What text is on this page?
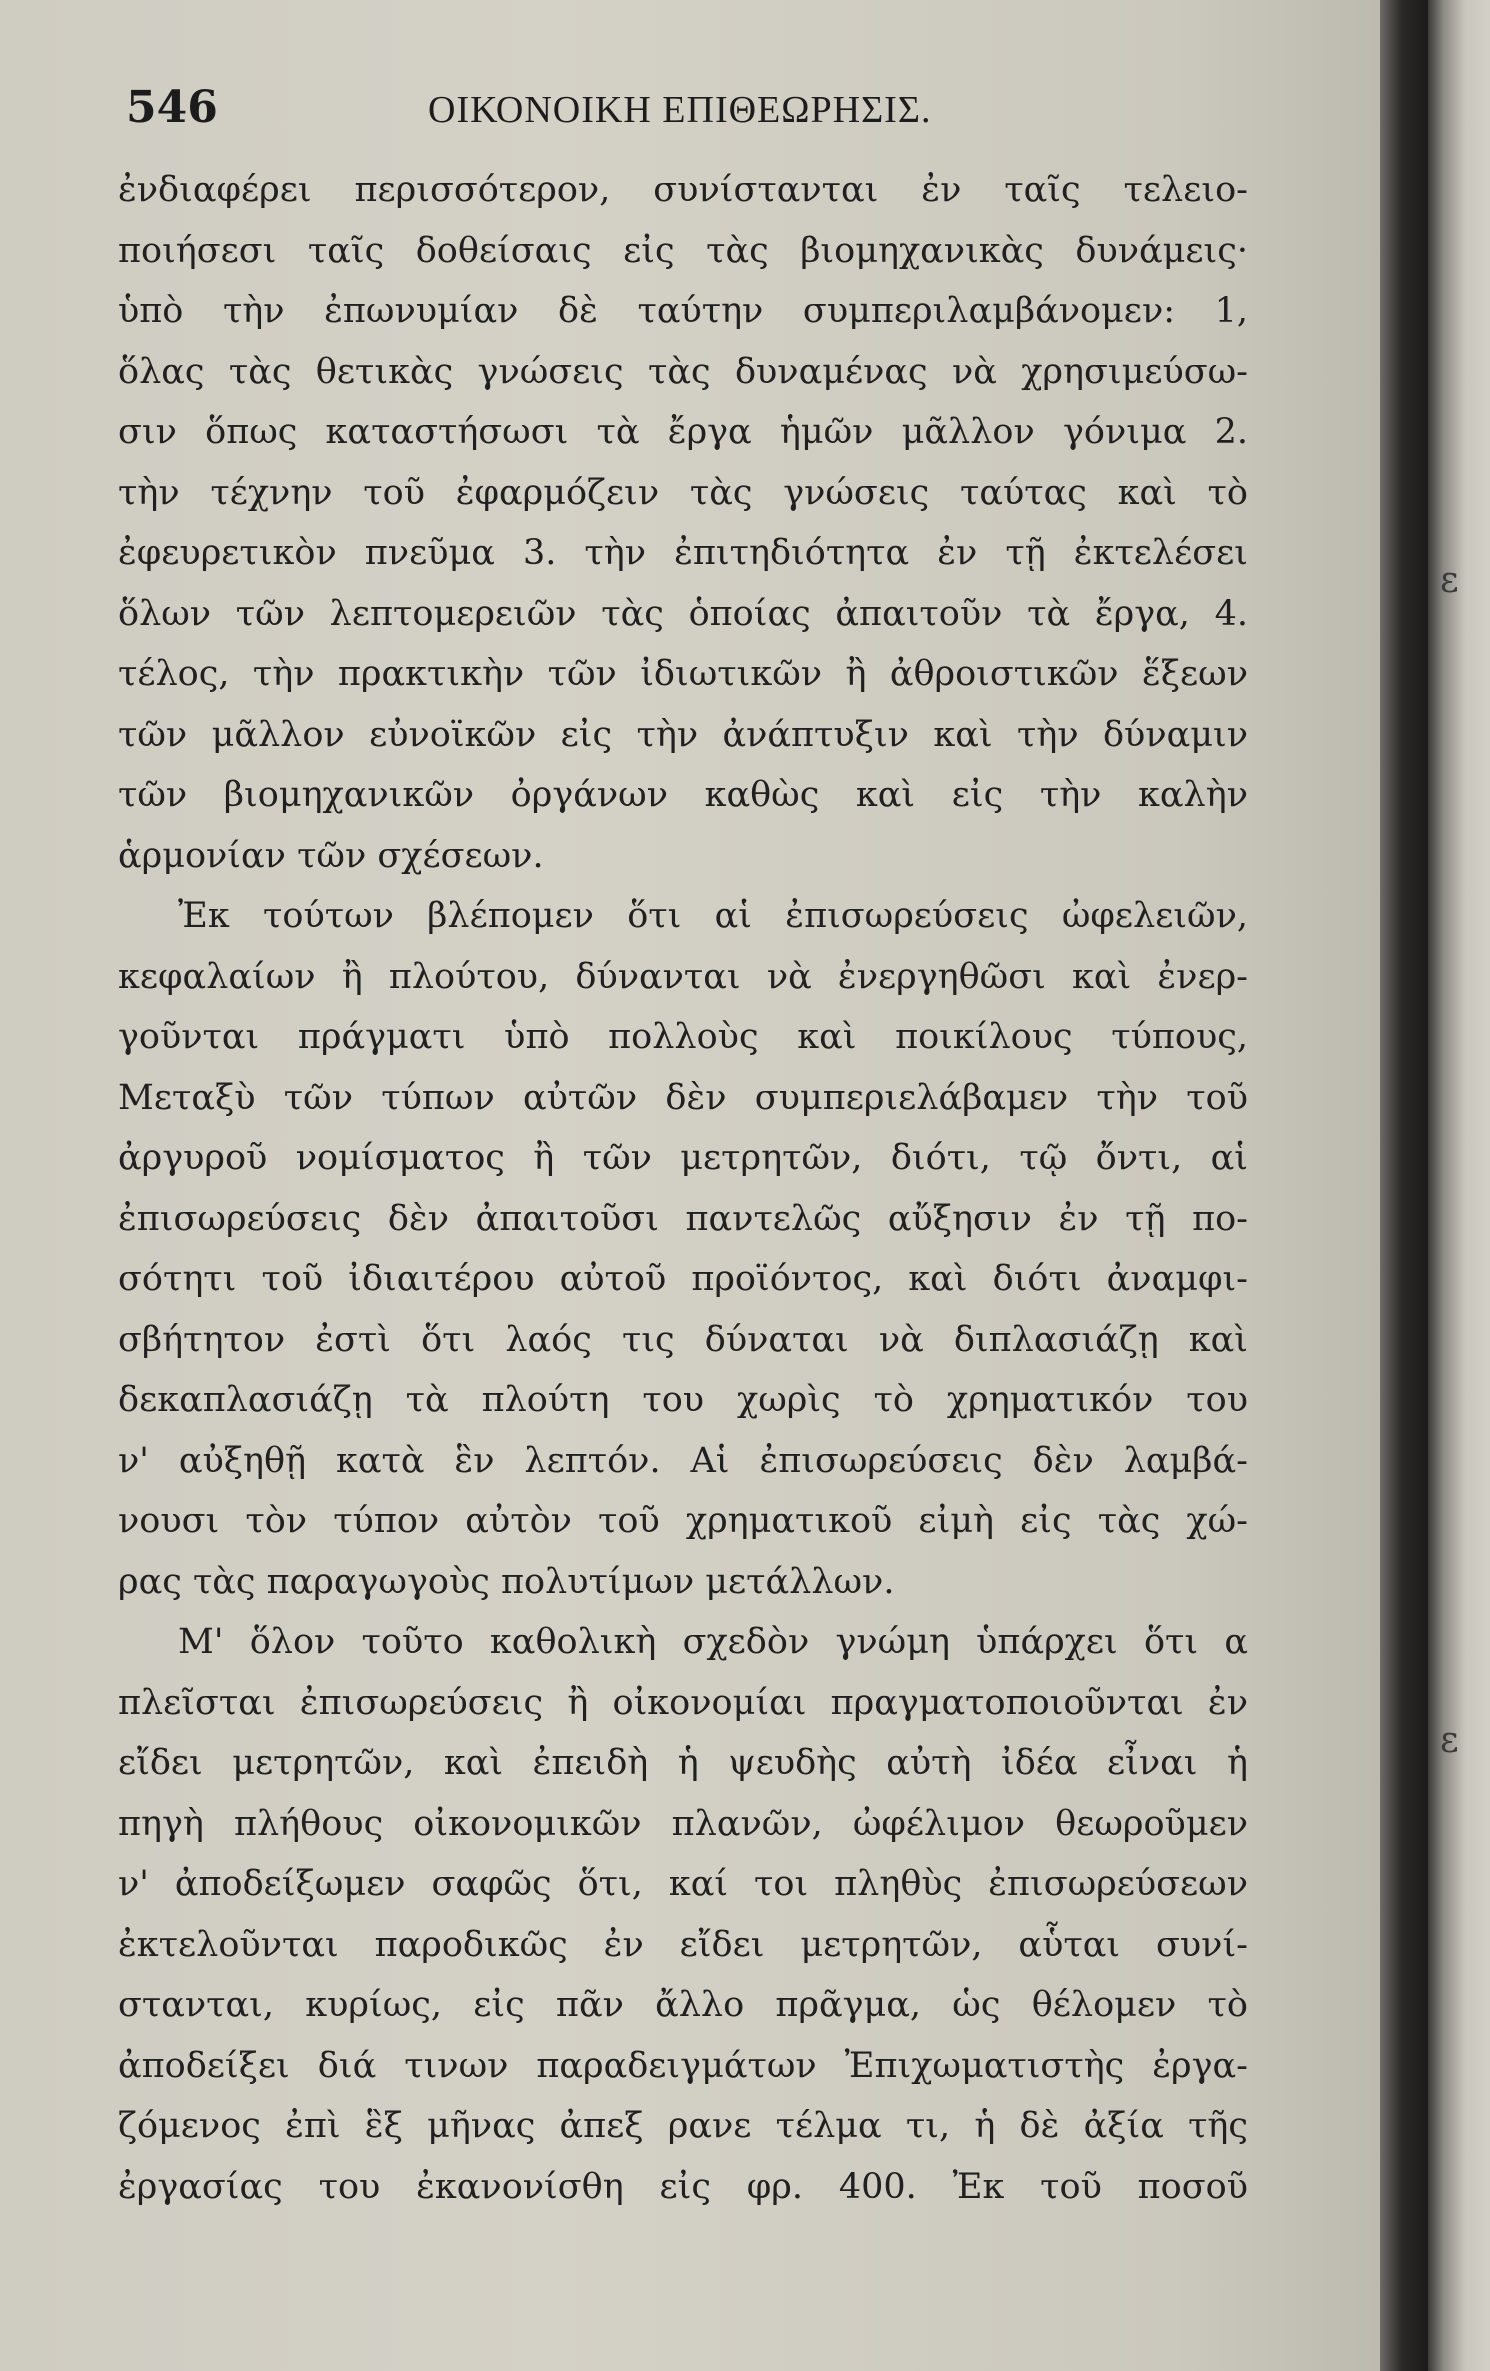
546	ΟΙΚΟΝΟΙΚΗ ΕΠΙΘΕΩΡΗΣΙΣ.
ἐνδιαφέρει περισσότερον, συνίστανται ἐν ταῖς τελειο-
ποιήσεσι ταῖς δοθείσαις εἰς τὰς βιομηχανικὰς δυνάμεις·
ὑπὸ τὴν ἐπωνυμίαν δὲ ταύτην συμπεριλαμβάνομεν: 1,
ὅλας τὰς θετικὰς γνώσεις τὰς δυναμένας νὰ χρησιμεύσω-
σιν ὅπως καταστήσωσι τὰ ἔργα ἡμῶν μᾶλλον γόνιμα 2.
τὴν τέχνην τοῦ ἐφαρμόζειν τὰς γνώσεις ταύτας καὶ τὸ
ἐφευρετικὸν πνεῦμα 3. τὴν ἐπιτηδιότητα ἐν τῇ ἐκτελέσει
ὅλων τῶν λεπτομερειῶν τὰς ὁποίας ἀπαιτοῦν τὰ ἔργα, 4.
τέλος, τὴν πρακτικὴν τῶν ἰδιωτικῶν ἢ ἀθροιστικῶν ἕξεων
τῶν μᾶλλον εὐνοϊκῶν εἰς τὴν ἀνάπτυξιν καὶ τὴν δύναμιν
τῶν βιομηχανικῶν ὀργάνων καθὼς καὶ εἰς τὴν καλὴν
ἁρμονίαν τῶν σχέσεων.
Ἐκ τούτων βλέπομεν ὅτι αἱ ἐπισωρεύσεις ὠφελειῶν,
κεφαλαίων ἢ πλούτου, δύνανται νὰ ἐνεργηθῶσι καὶ ἐνερ-
γοῦνται πράγματι ὑπὸ πολλοὺς καὶ ποικίλους τύπους,
Μεταξὺ τῶν τύπων αὐτῶν δὲν συμπεριελάβαμεν τὴν τοῦ
ἀργυροῦ νομίσματος ἢ τῶν μετρητῶν, διότι, τῷ ὄντι, αἱ
ἐπισωρεύσεις δὲν ἀπαιτοῦσι παντελῶς αὔξησιν ἐν τῇ πο-
σότητι τοῦ ἰδιαιτέρου αὐτοῦ προϊόντος, καὶ διότι ἀναμφι-
σβήτητον ἐστὶ ὅτι λαός τις δύναται νὰ διπλασιάζῃ καὶ
δεκαπλασιάζῃ τὰ πλούτη του χωρὶς τὸ χρηματικόν του
ν' αὐξηθῇ κατὰ ἓν λεπτόν. Αἱ ἐπισωρεύσεις δὲν λαμβά-
νουσι τὸν τύπον αὐτὸν τοῦ χρηματικοῦ εἰμὴ εἰς τὰς χώ-
ρας τὰς παραγωγοὺς πολυτίμων μετάλλων.
Μ' ὅλον τοῦτο καθολικὴ σχεδὸν γνώμη ὑπάρχει ὅτι α
πλεῖσται ἐπισωρεύσεις ἢ οἰκονομίαι πραγματοποιοῦνται ἐν
εἴδει μετρητῶν, καὶ ἐπειδὴ ἡ ψευδὴς αὐτὴ ἰδέα εἶναι ἡ
πηγὴ πλήθους οἰκονομικῶν πλανῶν, ὠφέλιμον θεωροῦμεν
ν' ἀποδείξωμεν σαφῶς ὅτι, καί τοι πληθὺς ἐπισωρεύσεων
ἐκτελοῦνται παροδικῶς ἐν εἴδει μετρητῶν, αὗται συνί-
στανται, κυρίως, εἰς πᾶν ἄλλο πρᾶγμα, ὡς θέλομεν τὸ
ἀποδείξει διά τινων παραδειγμάτων Ἐπιχωματιστὴς ἐργα-
ζόμενος ἐπὶ ἓξ μῆνας ἀπεξ ρανε τέλμα τι, ἡ δὲ ἀξία τῆς
ἐργασίας του ἐκανονίσθη εἰς φρ. 400. Ἐκ τοῦ ποσοῦ
ε
ε
